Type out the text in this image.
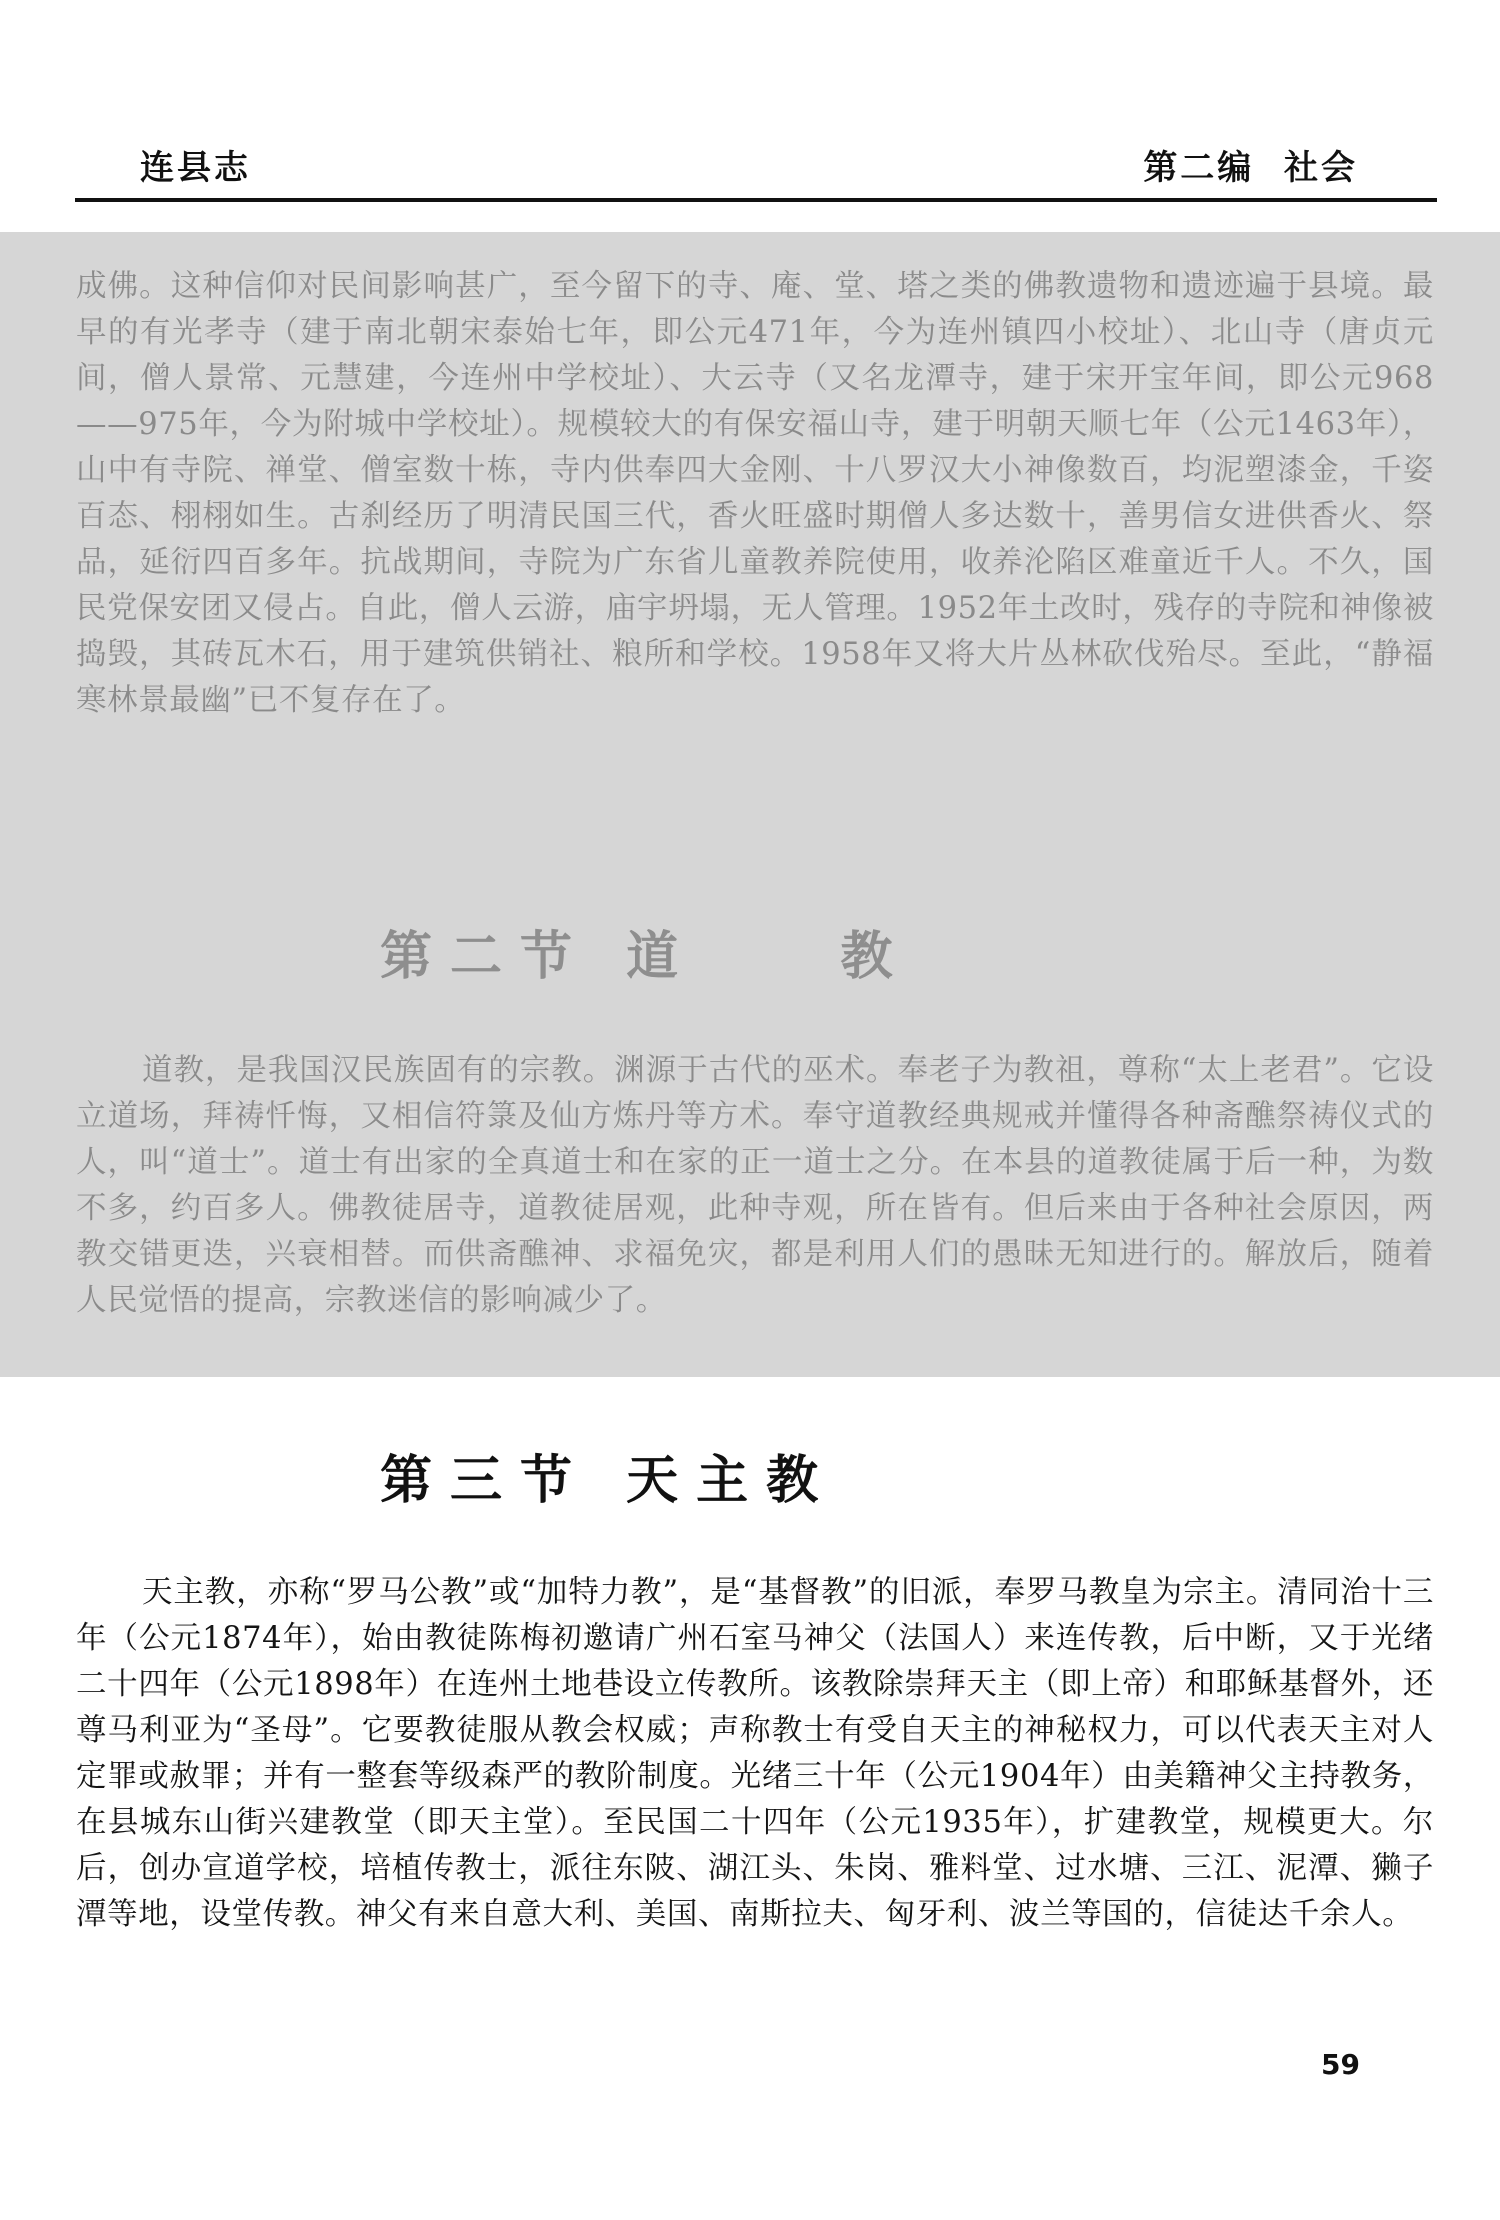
连县志	第二编  社会

成佛。这种信仰对民间影响甚广，至今留下的寺、庵、堂、塔之类的佛教遗物和遗迹遍于县境。最早的有光孝寺（建于南北朝宋泰始七年，即公元471年，今为连州镇四小校址）、北山寺（唐贞元间，僧人景常、元慧建，今连州中学校址）、大云寺（又名龙潭寺，建于宋开宝年间，即公元968——975年，今为附城中学校址）。规模较大的有保安福山寺，建于明朝天顺七年（公元1463年），山中有寺院、禅堂、僧室数十栋，寺内供奉四大金刚、十八罗汉大小神像数百，均泥塑漆金，千姿百态、栩栩如生。古刹经历了明清民国三代，香火旺盛时期僧人多达数十，善男信女进供香火、祭品，延衍四百多年。抗战期间，寺院为广东省儿童教养院使用，收养沦陷区难童近千人。不久，国民党保安团又侵占。自此，僧人云游，庙宇坍塌，无人管理。1952年土改时，残存的寺院和神像被捣毁，其砖瓦木石，用于建筑供销社、粮所和学校。1958年又将大片丛林砍伐殆尽。至此，“静福寒林景最幽”已不复存在了。

第二节 道    教

道教，是我国汉民族固有的宗教。渊源于古代的巫术。奉老子为教祖，尊称“太上老君”。它设立道场，拜祷忏悔，又相信符箓及仙方炼丹等方术。奉守道教经典规戒并懂得各种斋醮祭祷仪式的人，叫“道士”。道士有出家的全真道士和在家的正一道士之分。在本县的道教徒属于后一种，为数不多，约百多人。佛教徒居寺，道教徒居观，此种寺观，所在皆有。但后来由于各种社会原因，两教交错更迭，兴衰相替。而供斋醮神、求福免灾，都是利用人们的愚昧无知进行的。解放后，随着人民觉悟的提高，宗教迷信的影响减少了。

第三节 天主教

天主教，亦称“罗马公教”或“加特力教”，是“基督教”的旧派，奉罗马教皇为宗主。清同治十三年（公元1874年），始由教徒陈梅初邀请广州石室马神父（法国人）来连传教，后中断，又于光绪二十四年（公元1898年）在连州土地巷设立传教所。该教除崇拜天主（即上帝）和耶稣基督外，还尊马利亚为“圣母”。它要教徒服从教会权威；声称教士有受自天主的神秘权力，可以代表天主对人定罪或赦罪；并有一整套等级森严的教阶制度。光绪三十年（公元1904年）由美籍神父主持教务，在县城东山街兴建教堂（即天主堂）。至民国二十四年（公元1935年），扩建教堂，规模更大。尔后，创办宣道学校，培植传教士，派往东陂、湖江头、朱岗、雅料堂、过水塘、三江、泥潭、獭子潭等地，设堂传教。神父有来自意大利、美国、南斯拉夫、匈牙利、波兰等国的，信徒达千余人。

59
